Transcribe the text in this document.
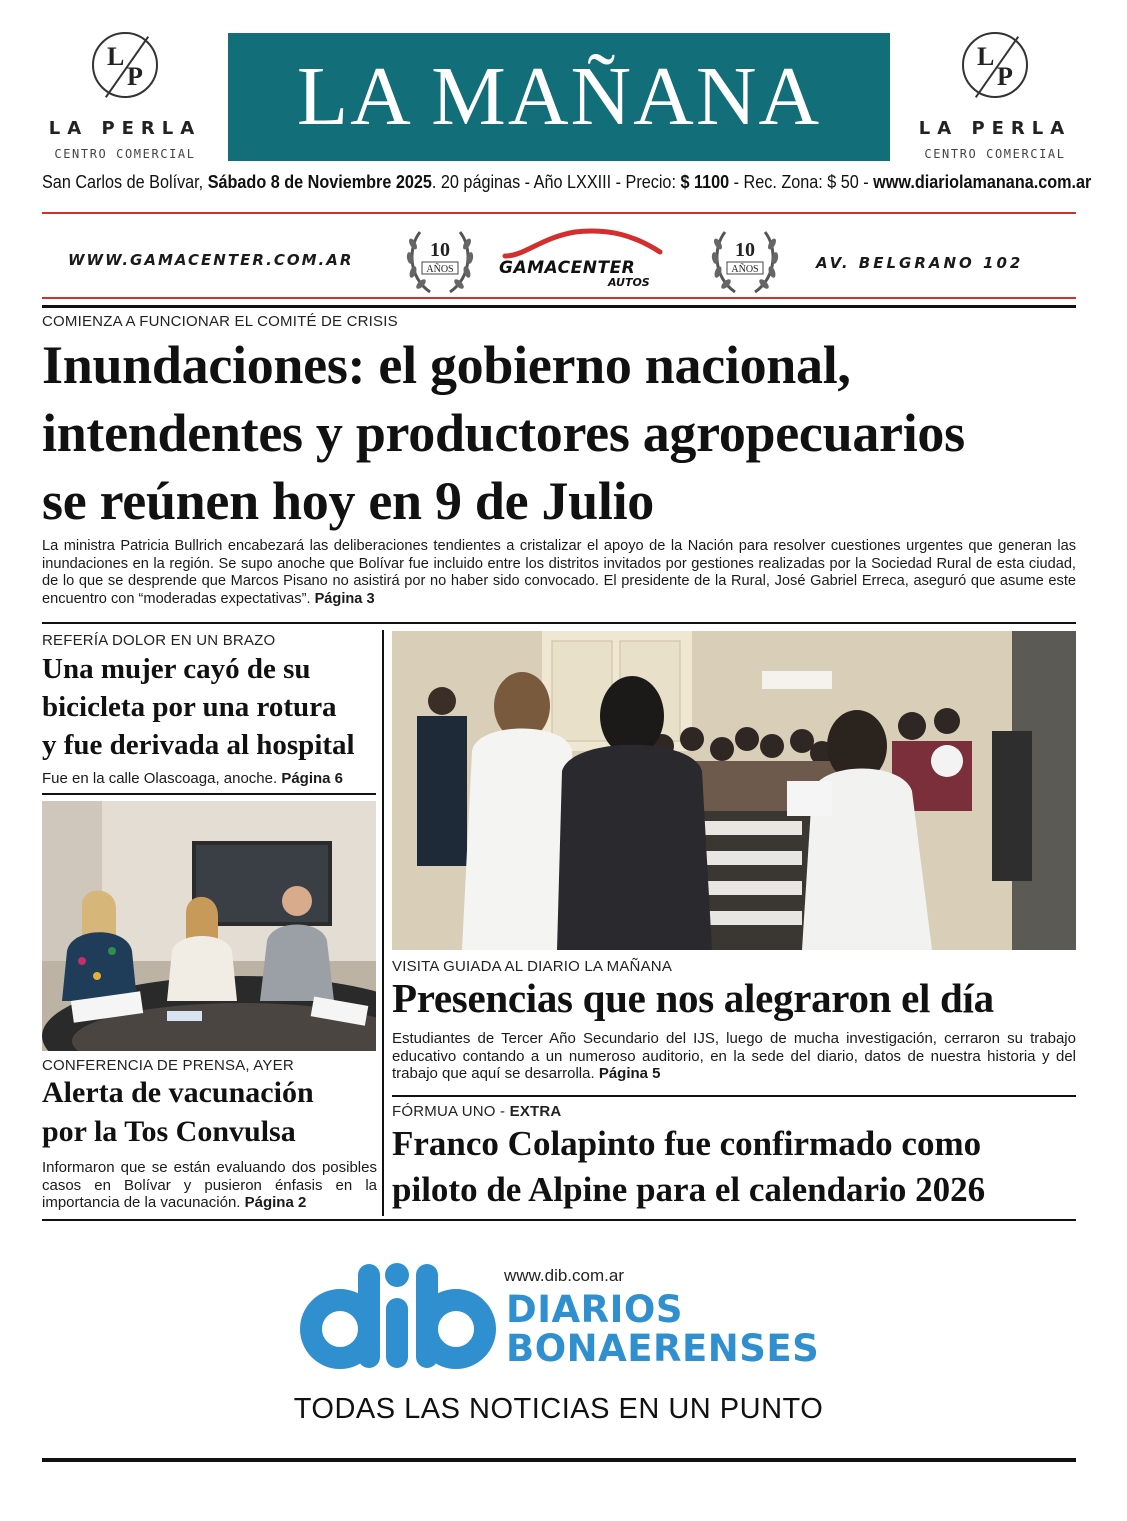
L
P
LA PERLA
CENTRO COMERCIAL
LA MAÑANA	L
P
LA PERLA
CENTRO COMERCIAL
San Carlos de Bolívar, Sábado 8 de Noviembre 2025. 20 páginas - Año LXXIII - Precio: $ 1100 - Rec. Zona: $ 50 - www.diariolamanana.com.ar
WWW.GAMACENTER.COM.AR	10
AÑOS	GAMACENTER
AUTOS
10
AÑOS	AV. BELGRANO 102
COMIENZA A FUNCIONAR EL COMITÉ DE CRISIS
Inundaciones: el gobierno nacional,
intendentes y productores agropecuarios
se reúnen hoy en 9 de Julio
La ministra Patricia Bullrich encabezará las deliberaciones tendientes a cristalizar el apoyo de la Nación para resolver cuestiones urgentes que generan las inundaciones en la región. Se supo anoche que Bolívar fue incluido entre los distritos invitados por gestiones realizadas por la Sociedad Rural de esta ciudad, de lo que se desprende que Marcos Pisano no asistirá por no haber sido convocado. El presidente de la Rural, José Gabriel Erreca, aseguró que asume este encuentro con “moderadas expectativas”. Página 3
REFERÍA DOLOR EN UN BRAZO
Una mujer cayó de su
bicicleta por una rotura
y fue derivada al hospital
Fue en la calle Olascoaga, anoche. Página 6
CONFERENCIA DE PRENSA, AYER
Alerta de vacunación
por la Tos Convulsa
Informaron que se están evaluando dos posibles casos en Bolívar y pusieron énfasis en la importancia de la vacunación. Página 2
VISITA GUIADA AL DIARIO LA MAÑANA
Presencias que nos alegraron el día
Estudiantes de Tercer Año Secundario del IJS, luego de mucha investigación, cerraron su trabajo educativo contando a un numeroso auditorio, en la sede del diario, datos de nuestra historia y del trabajo que aquí se desarrolla. Página 5
FÓRMUA UNO - EXTRA
Franco Colapinto fue confirmado como
piloto de Alpine para el calendario 2026
www.dib.com.ar
DIARIOS
BONAERENSES
TODAS LAS NOTICIAS EN UN PUNTO
